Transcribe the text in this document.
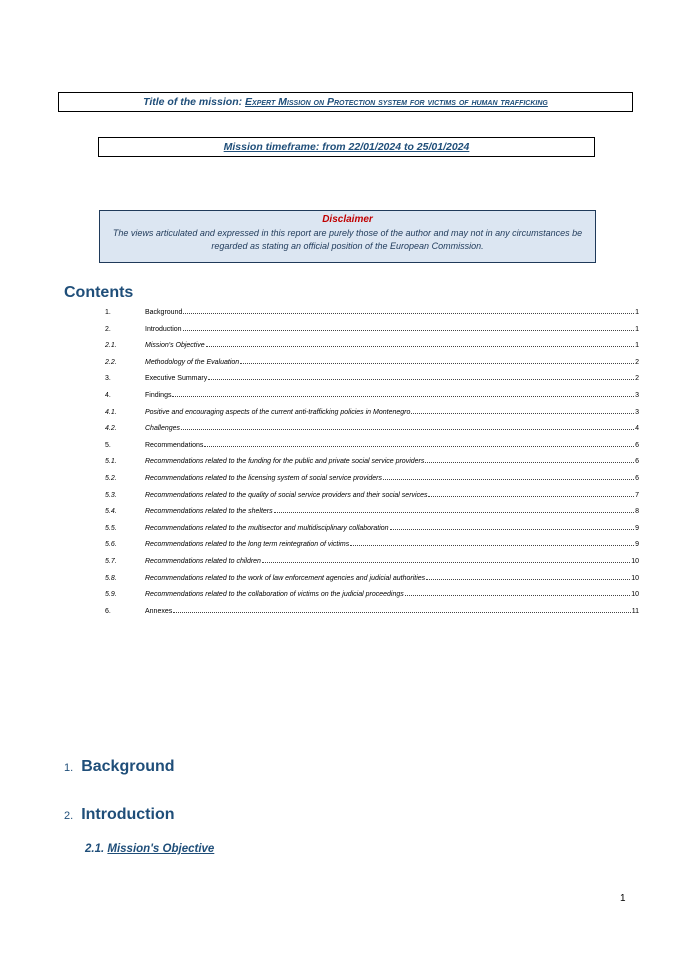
Title of the mission: Expert Mission on Protection system for victims of human trafficking
Mission timeframe: from 22/01/2024 to 25/01/2024
Disclaimer
The views articulated and expressed in this report are purely those of the author and may not in any circumstances be regarded as stating an official position of the European Commission.
Contents
1.	Background	1
2.	Introduction	1
2.1.	Mission's Objective	1
2.2.	Methodology of the Evaluation	2
3.	Executive Summary	2
4.	Findings	3
4.1.	Positive and encouraging aspects of the current anti-trafficking policies in Montenegro	3
4.2.	Challenges	4
5.	Recommendations	6
5.1.	Recommendations related to the funding for the public and private social service providers	6
5.2.	Recommendations related to the licensing system of social service providers	6
5.3.	Recommendations related to the quality of social service providers and their social services	7
5.4.	Recommendations related to the shelters	8
5.5.	Recommendations related to the multisector and multidisciplinary collaboration	9
5.6.	Recommendations related to the long term reintegration of victims	9
5.7.	Recommendations related to children	10
5.8.	Recommendations related to the work of law enforcement agencies and judicial authorities	10
5.9.	Recommendations related to the collaboration of victims on the judicial proceedings	10
6.	Annexes	11
1. Background
2. Introduction
2.1. Mission's Objective
1
